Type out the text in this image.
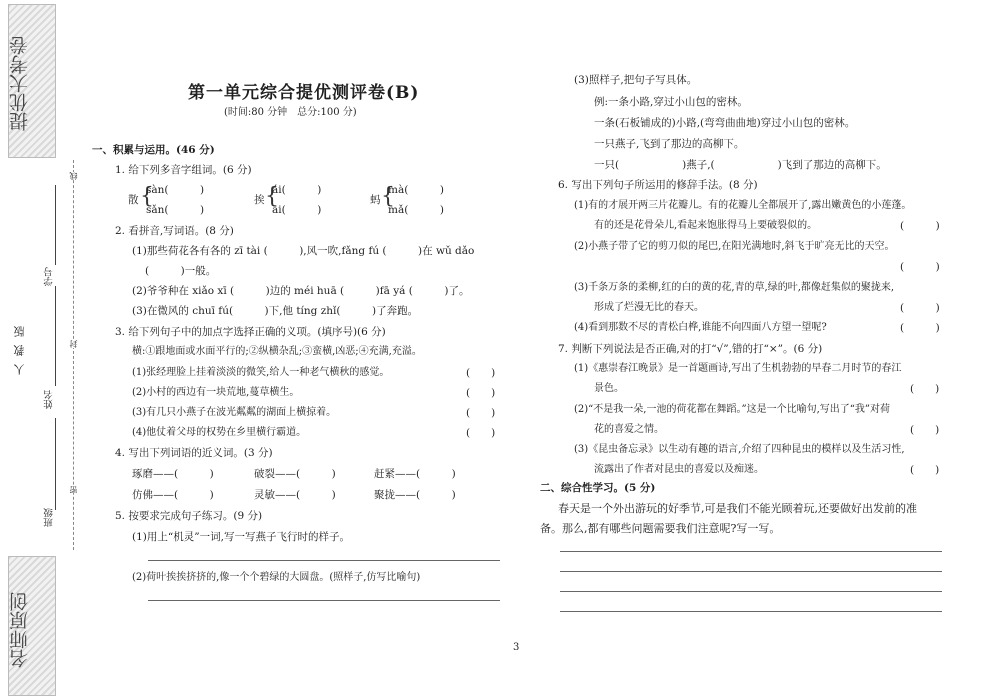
提优大考卷
名师原创
人教版
班级
姓名
学号
线
封
密
第一单元综合提优测评卷(B)
(时间:80 分钟　总分:100 分)
一、积累与运用。(46 分)
1. 给下列多音字组词。(6 分)
散 {
sàn(　　　)
sǎn(　　　)
挨 {
ái(　　　)
āi(　　　)
蚂 {
mà(　　　)
mǎ(　　　)
2. 看拼音,写词语。(8 分)
(1)那些荷花各有各的 zī tài (　　　),风一吹,fǎng fú (　　　)在 wǔ dǎo
(　　　)一般。
(2)爷爷种在 xiǎo xī (　　　)边的 méi huā (　　　)fā yá (　　　)了。
(3)在微风的 chuī fú(　　　)下,他 tíng zhǐ(　　　)了奔跑。
3. 给下列句子中的加点字选择正确的义项。(填序号)(6 分)
横:①跟地面或水面平行的;②纵横杂乱;③蛮横,凶恶;④充满,充溢。
(1)张经理脸上挂着淡淡的微笑,给人一种老气横秋的感觉。	(　　)
(2)小村的西边有一块荒地,蔓草横生。	(　　)
(3)有几只小燕子在波光粼粼的湖面上横掠着。	(　　)
(4)他仗着父母的权势在乡里横行霸道。	(　　)
4. 写出下列词语的近义词。(3 分)
琢磨——(　　　)	破裂——(　　　)	赶紧——(　　　)
仿佛——(　　　)	灵敏——(　　　)	聚拢——(　　　)
5. 按要求完成句子练习。(9 分)
(1)用上“机灵”一词,写一写燕子飞行时的样子。
(2)荷叶挨挨挤挤的,像一个个碧绿的大圆盘。(照样子,仿写比喻句)
(3)照样子,把句子写具体。
例:一条小路,穿过小山包的密林。
一条(石板铺成的)小路,(弯弯曲曲地)穿过小山包的密林。
一只燕子,飞到了那边的高柳下。
一只(　　　　　　)燕子,(　　　　　　)飞到了那边的高柳下。
6. 写出下列句子所运用的修辞手法。(8 分)
(1)有的才展开两三片花瓣儿。有的花瓣儿全都展开了,露出嫩黄色的小莲蓬。
有的还是花骨朵儿,看起来饱胀得马上要破裂似的。	(　　　)
(2)小燕子带了它的剪刀似的尾巴,在阳光满地时,斜飞于旷亮无比的天空。
(　　　)
(3)千条万条的柔柳,红的白的黄的花,青的草,绿的叶,都像赶集似的聚拢来,
形成了烂漫无比的春天。	(　　　)
(4)看到那数不尽的青松白桦,谁能不向四面八方望一望呢?	(　　　)
7. 判断下列说法是否正确,对的打“√”,错的打“×”。(6 分)
(1)《惠崇春江晚景》是一首题画诗,写出了生机勃勃的早春二月时节的春江
景色。	(　　)
(2)“不是我一朵,一池的荷花都在舞蹈。”这是一个比喻句,写出了“我”对荷
花的喜爱之情。	(　　)
(3)《昆虫备忘录》以生动有趣的语言,介绍了四种昆虫的模样以及生活习性,
流露出了作者对昆虫的喜爱以及痴迷。	(　　)
二、综合性学习。(5 分)
春天是一个外出游玩的好季节,可是我们不能光顾着玩,还要做好出发前的准
备。那么,都有哪些问题需要我们注意呢?写一写。
3
